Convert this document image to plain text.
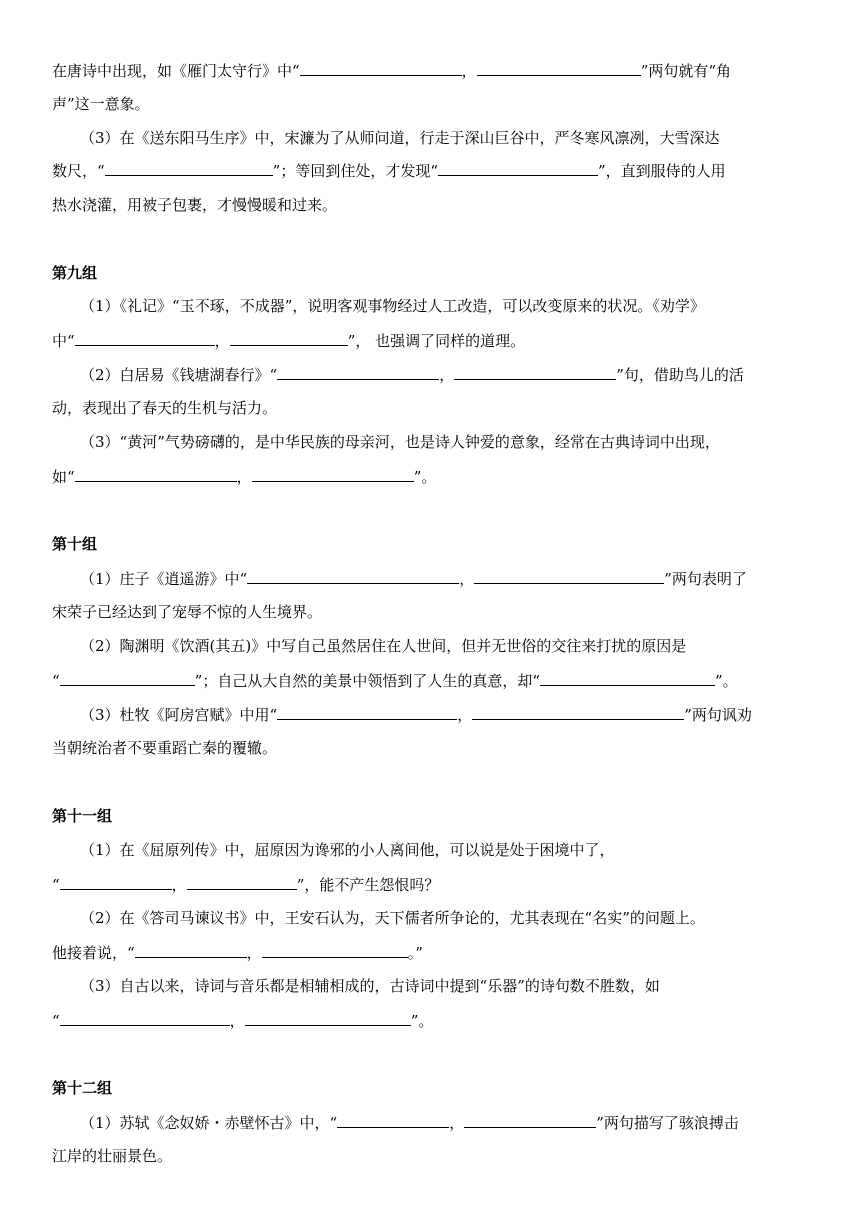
在唐诗中出现，如《雁门太守行》中“	，	”两句就有“角
声”这一意象。
（3）在《送东阳马生序》中，宋濂为了从师问道，行走于深山巨谷中，严冬寒风凛冽，大雪深达
数尺，“	”；等回到住处，才发现“	”，直到服侍的人用
热水浇灌，用被子包裹，才慢慢暖和过来。
第九组
（1）《礼记》“玉不琢，不成器”，说明客观事物经过人工改造，可以改变原来的状况。《劝学》
中“	，	”， 也强调了同样的道理。
（2）白居易《钱塘湖春行》“	，	”句，借助鸟儿的活
动，表现出了春天的生机与活力。
（3）“黄河”气势磅礴的，是中华民族的母亲河，也是诗人钟爱的意象，经常在古典诗词中出现，
如“	，	”。
第十组
（1）庄子《逍遥游》中“	，	”两句表明了
宋荣子已经达到了宠辱不惊的人生境界。
（2）陶渊明《饮酒(其五)》中写自己虽然居住在人世间，但并无世俗的交往来打扰的原因是
“	”；自己从大自然的美景中领悟到了人生的真意，却“	”。
（3）杜牧《阿房宫赋》中用“	，	”两句讽劝
当朝统治者不要重蹈亡秦的覆辙。
第十一组
（1）在《屈原列传》中，屈原因为谗邪的小人离间他，可以说是处于困境中了，
“	，	”，能不产生怨恨吗？
（2）在《答司马谏议书》中，王安石认为，天下儒者所争论的，尤其表现在“名实”的问题上。
他接着说，“	，	。”
（3）自古以来，诗词与音乐都是相辅相成的，古诗词中提到“乐器”的诗句数不胜数，如
“	，	”。
第十二组
（1）苏轼《念奴娇・赤壁怀古》中，“	，	”两句描写了骇浪搏击
江岸的壮丽景色。
